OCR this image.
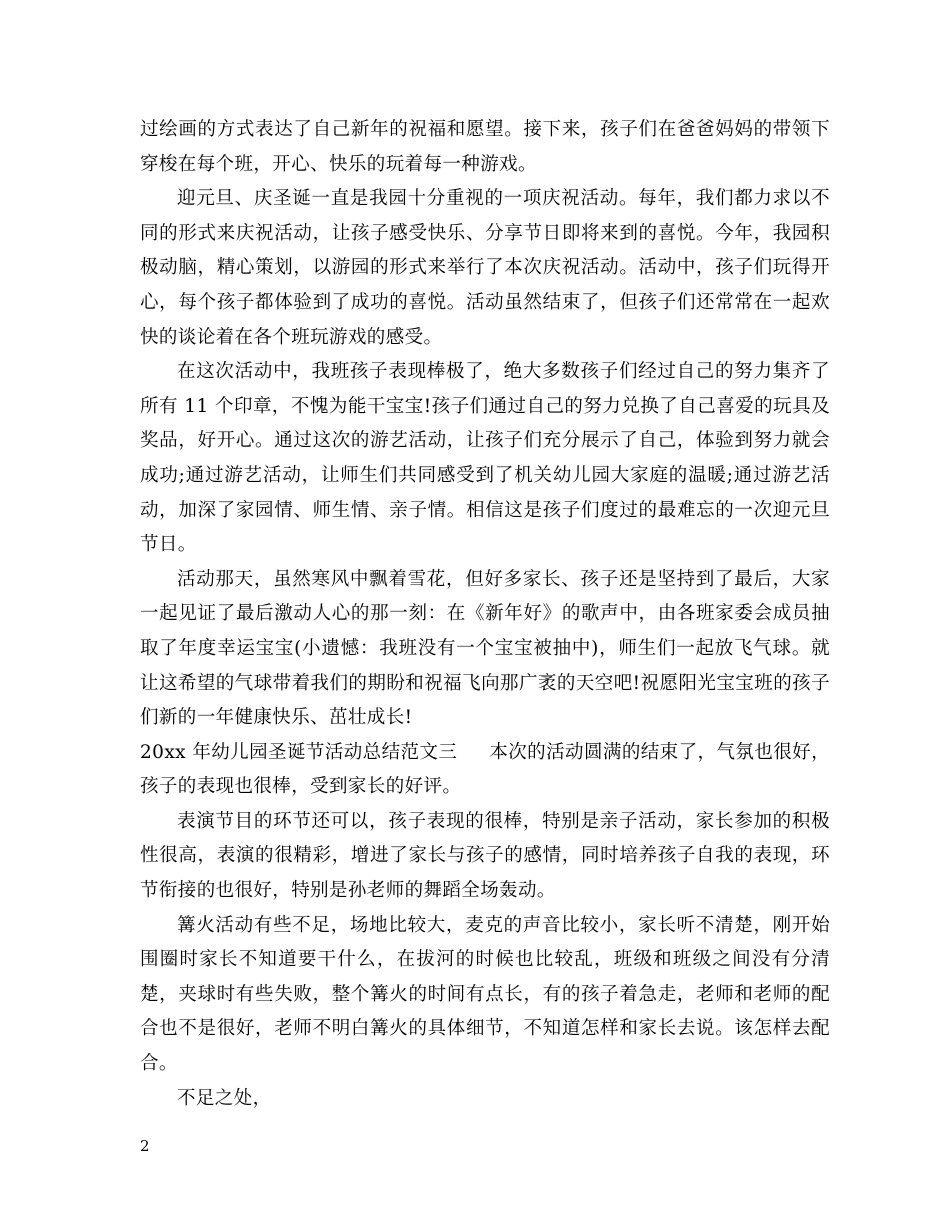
过绘画的方式表达了自己新年的祝福和愿望。接下来，孩子们在爸爸妈妈的带领下穿梭在每个班，开心、快乐的玩着每一种游戏。

迎元旦、庆圣诞一直是我园十分重视的一项庆祝活动。每年，我们都力求以不同的形式来庆祝活动，让孩子感受快乐、分享节日即将来到的喜悦。今年，我园积极动脑，精心策划，以游园的形式来举行了本次庆祝活动。活动中，孩子们玩得开心，每个孩子都体验到了成功的喜悦。活动虽然结束了，但孩子们还常常在一起欢快的谈论着在各个班玩游戏的感受。

在这次活动中，我班孩子表现棒极了，绝大多数孩子们经过自己的努力集齐了所有 11 个印章，不愧为能干宝宝!孩子们通过自己的努力兑换了自己喜爱的玩具及奖品，好开心。通过这次的游艺活动，让孩子们充分展示了自己，体验到努力就会成功;通过游艺活动，让师生们共同感受到了机关幼儿园大家庭的温暖;通过游艺活动，加深了家园情、师生情、亲子情。相信这是孩子们度过的最难忘的一次迎元旦节日。

活动那天，虽然寒风中飘着雪花，但好多家长、孩子还是坚持到了最后，大家一起见证了最后激动人心的那一刻：在《新年好》的歌声中，由各班家委会成员抽取了年度幸运宝宝(小遗憾：我班没有一个宝宝被抽中)，师生们一起放飞气球。就让这希望的气球带着我们的期盼和祝福飞向那广袤的天空吧!祝愿阳光宝宝班的孩子们新的一年健康快乐、茁壮成长!

20xx 年幼儿园圣诞节活动总结范文三 本次的活动圆满的结束了，气氛也很好，孩子的表现也很棒，受到家长的好评。

表演节目的环节还可以，孩子表现的很棒，特别是亲子活动，家长参加的积极性很高，表演的很精彩，增进了家长与孩子的感情，同时培养孩子自我的表现，环节衔接的也很好，特别是孙老师的舞蹈全场轰动。

篝火活动有些不足，场地比较大，麦克的声音比较小，家长听不清楚，刚开始围圈时家长不知道要干什么，在拔河的时候也比较乱，班级和班级之间没有分清楚，夹球时有些失败，整个篝火的时间有点长，有的孩子着急走，老师和老师的配合也不是很好，老师不明白篝火的具体细节，不知道怎样和家长去说。该怎样去配合。

不足之处，

2
